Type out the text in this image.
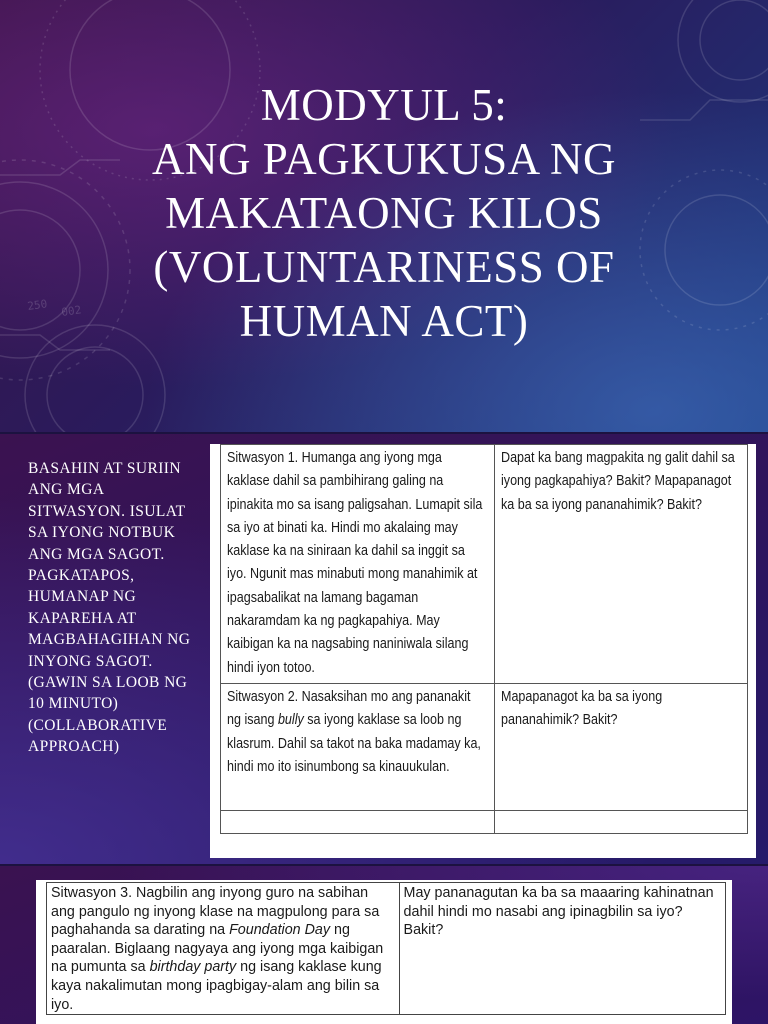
250 002
MODYUL 5:
ANG PAGKUKUSA NG
MAKATAONG KILOS
(VOLUNTARINESS OF
HUMAN ACT)
BASAHIN AT SURIIN ANG MGA SITWASYON. ISULAT SA IYONG NOTBUK ANG MGA SAGOT. PAGKATAPOS, HUMANAP NG KAPAREHA AT MAGBAHAGIHAN NG INYONG SAGOT. (GAWIN SA LOOB NG 10 MINUTO) (COLLABORATIVE APPROACH)
Sitwasyon 1. Humanga ang iyong mga kaklase dahil sa pambihirang galing na ipinakita mo sa isang paligsahan. Lumapit sila sa iyo at binati ka. Hindi mo akalaing may kaklase ka na siniraan ka dahil sa inggit sa iyo. Ngunit mas minabuti mong manahimik at ipagsabalikat na lamang bagaman nakaramdam ka ng pagkapahiya. May kaibigan ka na nagsabing naniniwala silang hindi iyon totoo.	Dapat ka bang magpakita ng galit dahil sa iyong pagkapahiya? Bakit? Mapapanagot ka ba sa iyong pananahimik? Bakit?
Sitwasyon 2. Nasaksihan mo ang pananakit ng isang bully sa iyong kaklase sa loob ng klasrum. Dahil sa takot na baka madamay ka, hindi mo ito isinumbong sa kinauukulan.	Mapapanagot ka ba sa iyong pananahimik? Bakit?

Sitwasyon 3. Nagbilin ang inyong guro na sabihan ang pangulo ng inyong klase na magpulong para sa paghahanda sa darating na Foundation Day ng paaralan. Biglaang nagyaya ang iyong mga kaibigan na pumunta sa birthday party ng isang kaklase kung kaya nakalimutan mong ipagbigay-alam ang bilin sa iyo.	May pananagutan ka ba sa maaaring kahinatnan dahil hindi mo nasabi ang ipinagbilin sa iyo? Bakit?
